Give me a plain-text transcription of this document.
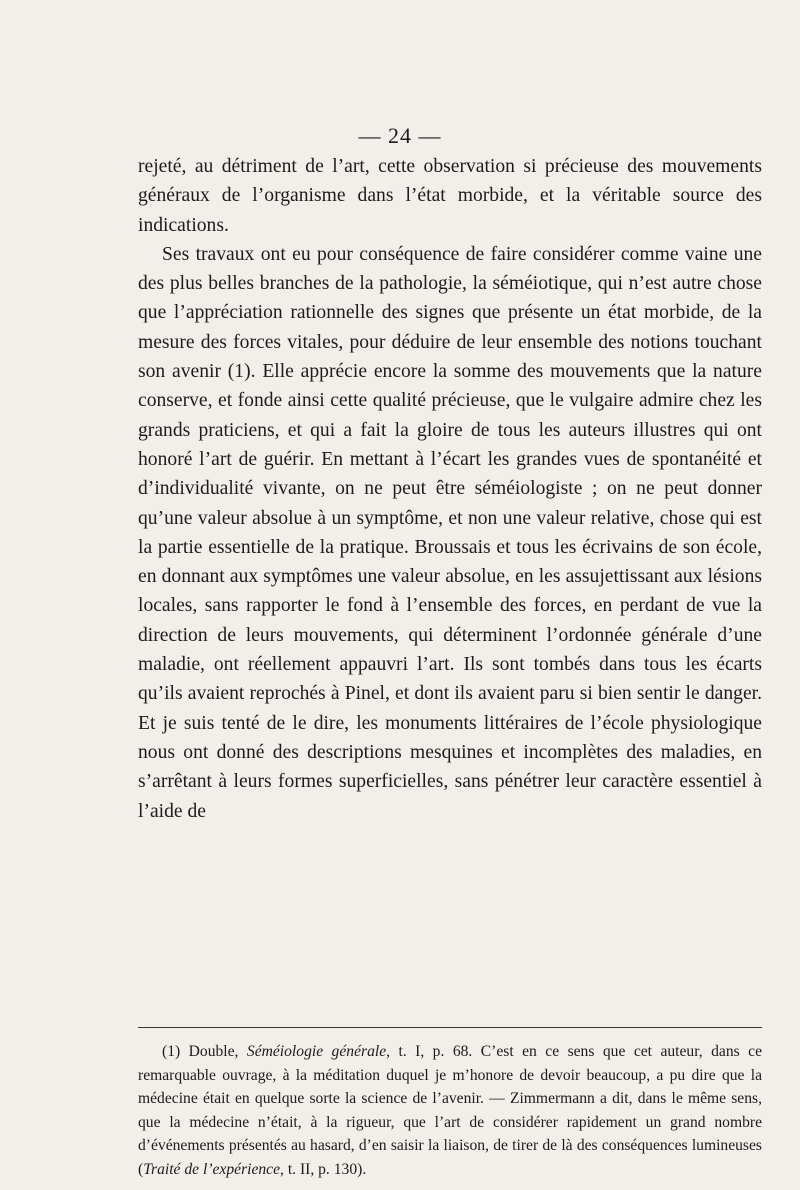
— 24 —

rejeté, au détriment de l’art, cette observation si précieuse des mouvements généraux de l’organisme dans l’état morbide, et la véritable source des indications.

Ses travaux ont eu pour conséquence de faire considérer comme vaine une des plus belles branches de la pathologie, la séméiotique, qui n’est autre chose que l’appréciation rationnelle des signes que présente un état morbide, de la mesure des forces vitales, pour déduire de leur ensemble des notions touchant son avenir (1). Elle apprécie encore la somme des mouvements que la nature conserve, et fonde ainsi cette qualité précieuse, que le vulgaire admire chez les grands praticiens, et qui a fait la gloire de tous les auteurs illustres qui ont honoré l’art de guérir. En mettant à l’écart les grandes vues de spontanéité et d’individualité vivante, on ne peut être séméiologiste ; on ne peut donner qu’une valeur absolue à un symptôme, et non une valeur relative, chose qui est la partie essentielle de la pratique. Broussais et tous les écrivains de son école, en donnant aux symptômes une valeur absolue, en les assujettissant aux lésions locales, sans rapporter le fond à l’ensemble des forces, en perdant de vue la direction de leurs mouvements, qui déterminent l’ordonnée générale d’une maladie, ont réellement appauvri l’art. Ils sont tombés dans tous les écarts qu’ils avaient reprochés à Pinel, et dont ils avaient paru si bien sentir le danger. Et je suis tenté de le dire, les monuments littéraires de l’école physiologique nous ont donné des descriptions mesquines et incomplètes des maladies, en s’arrêtant à leurs formes superficielles, sans pénétrer leur caractère essentiel à l’aide de

(1) Double, Séméiologie générale, t. I, p. 68. C’est en ce sens que cet auteur, dans ce remarquable ouvrage, à la méditation duquel je m’honore de devoir beaucoup, a pu dire que la médecine était en quelque sorte la science de l’avenir. — Zimmermann a dit, dans le même sens, que la médecine n’était, à la rigueur, que l’art de considérer rapidement un grand nombre d’événements présentés au hasard, d’en saisir la liaison, de tirer de là des conséquences lumineuses (Traité de l’expérience, t. II, p. 130).
